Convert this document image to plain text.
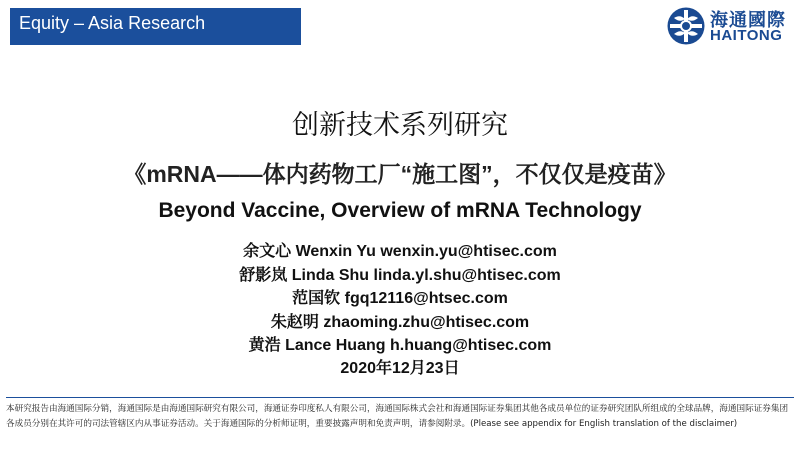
Equity – Asia Research	海通國際
HAITONG
创新技术系列研究
《mRNA——体内药物工厂“施工图”，不仅仅是疫苗》
Beyond Vaccine, Overview of mRNA Technology
余文心 Wenxin Yu wenxin.yu@htisec.com
舒影岚 Linda Shu linda.yl.shu@htisec.com
范国钦 fgq12116@htsec.com
朱赵明 zhaoming.zhu@htisec.com
黄浩 Lance Huang h.huang@htisec.com
2020年12月23日
本研究报告由海通国际分销，海通国际是由海通国际研究有限公司，海通证券印度私人有限公司，海通国际株式会社和海通国际证券集团其他各成员单位的证券研究团队所组成的全球品牌，海通国际证券集团各成员分别在其许可的司法管辖区内从事证券活动。关于海通国际的分析师证明，重要披露声明和免责声明，请参阅附录。(Please see appendix for English translation of the disclaimer)
